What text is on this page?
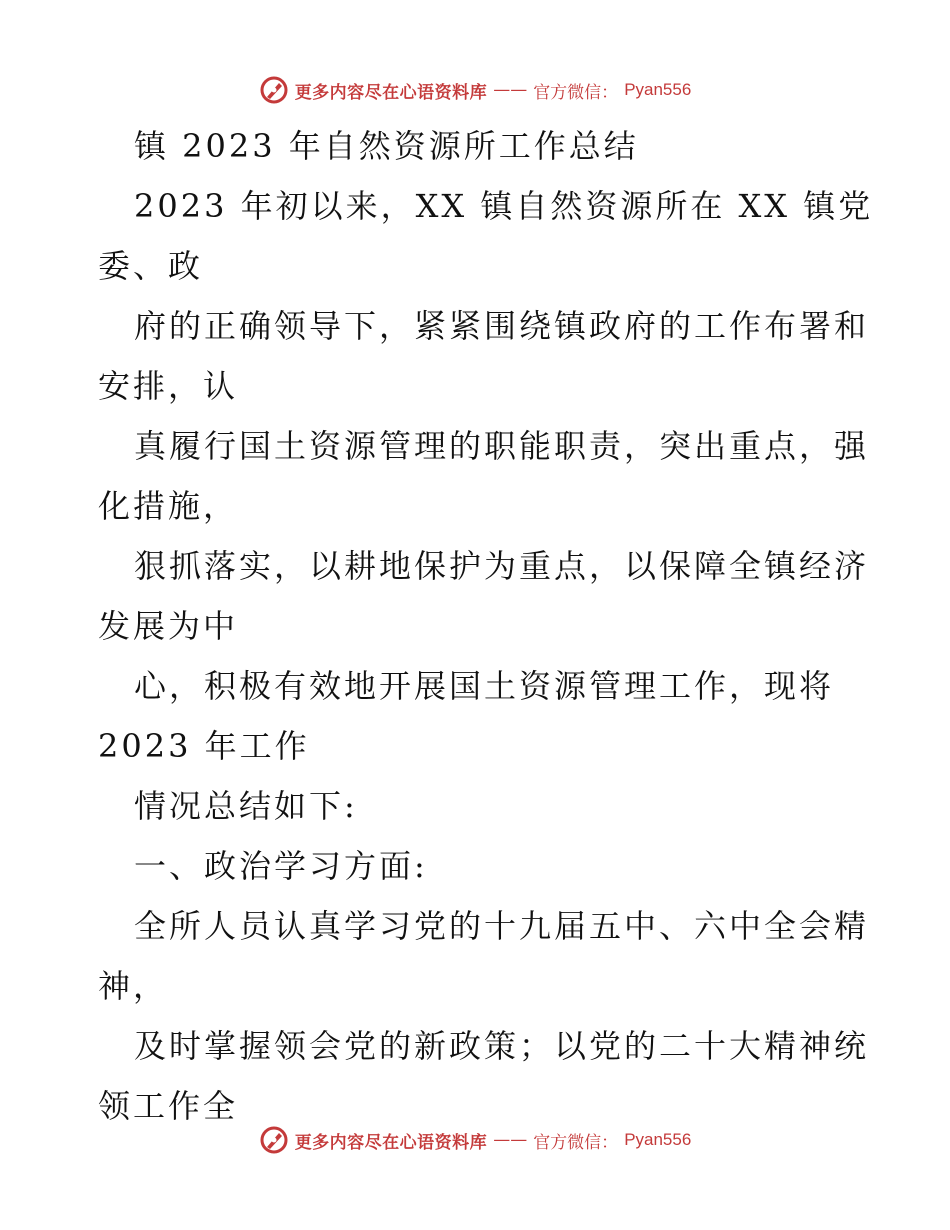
更多内容尽在心语资料库 —— 官方微信： Pyan556
镇 2023 年自然资源所工作总结
2023 年初以来，XX 镇自然资源所在 XX 镇党
委、政
府的正确领导下，紧紧围绕镇政府的工作布署和
安排，认
真履行国土资源管理的职能职责，突出重点，强
化措施，
狠抓落实，以耕地保护为重点，以保障全镇经济
发展为中
心，积极有效地开展国土资源管理工作，现将
2023 年工作
情况总结如下:
一、政治学习方面:
全所人员认真学习党的十九届五中、六中全会精
神，
及时掌握领会党的新政策；以党的二十大精神统
领工作全
更多内容尽在心语资料库 —— 官方微信： Pyan556
